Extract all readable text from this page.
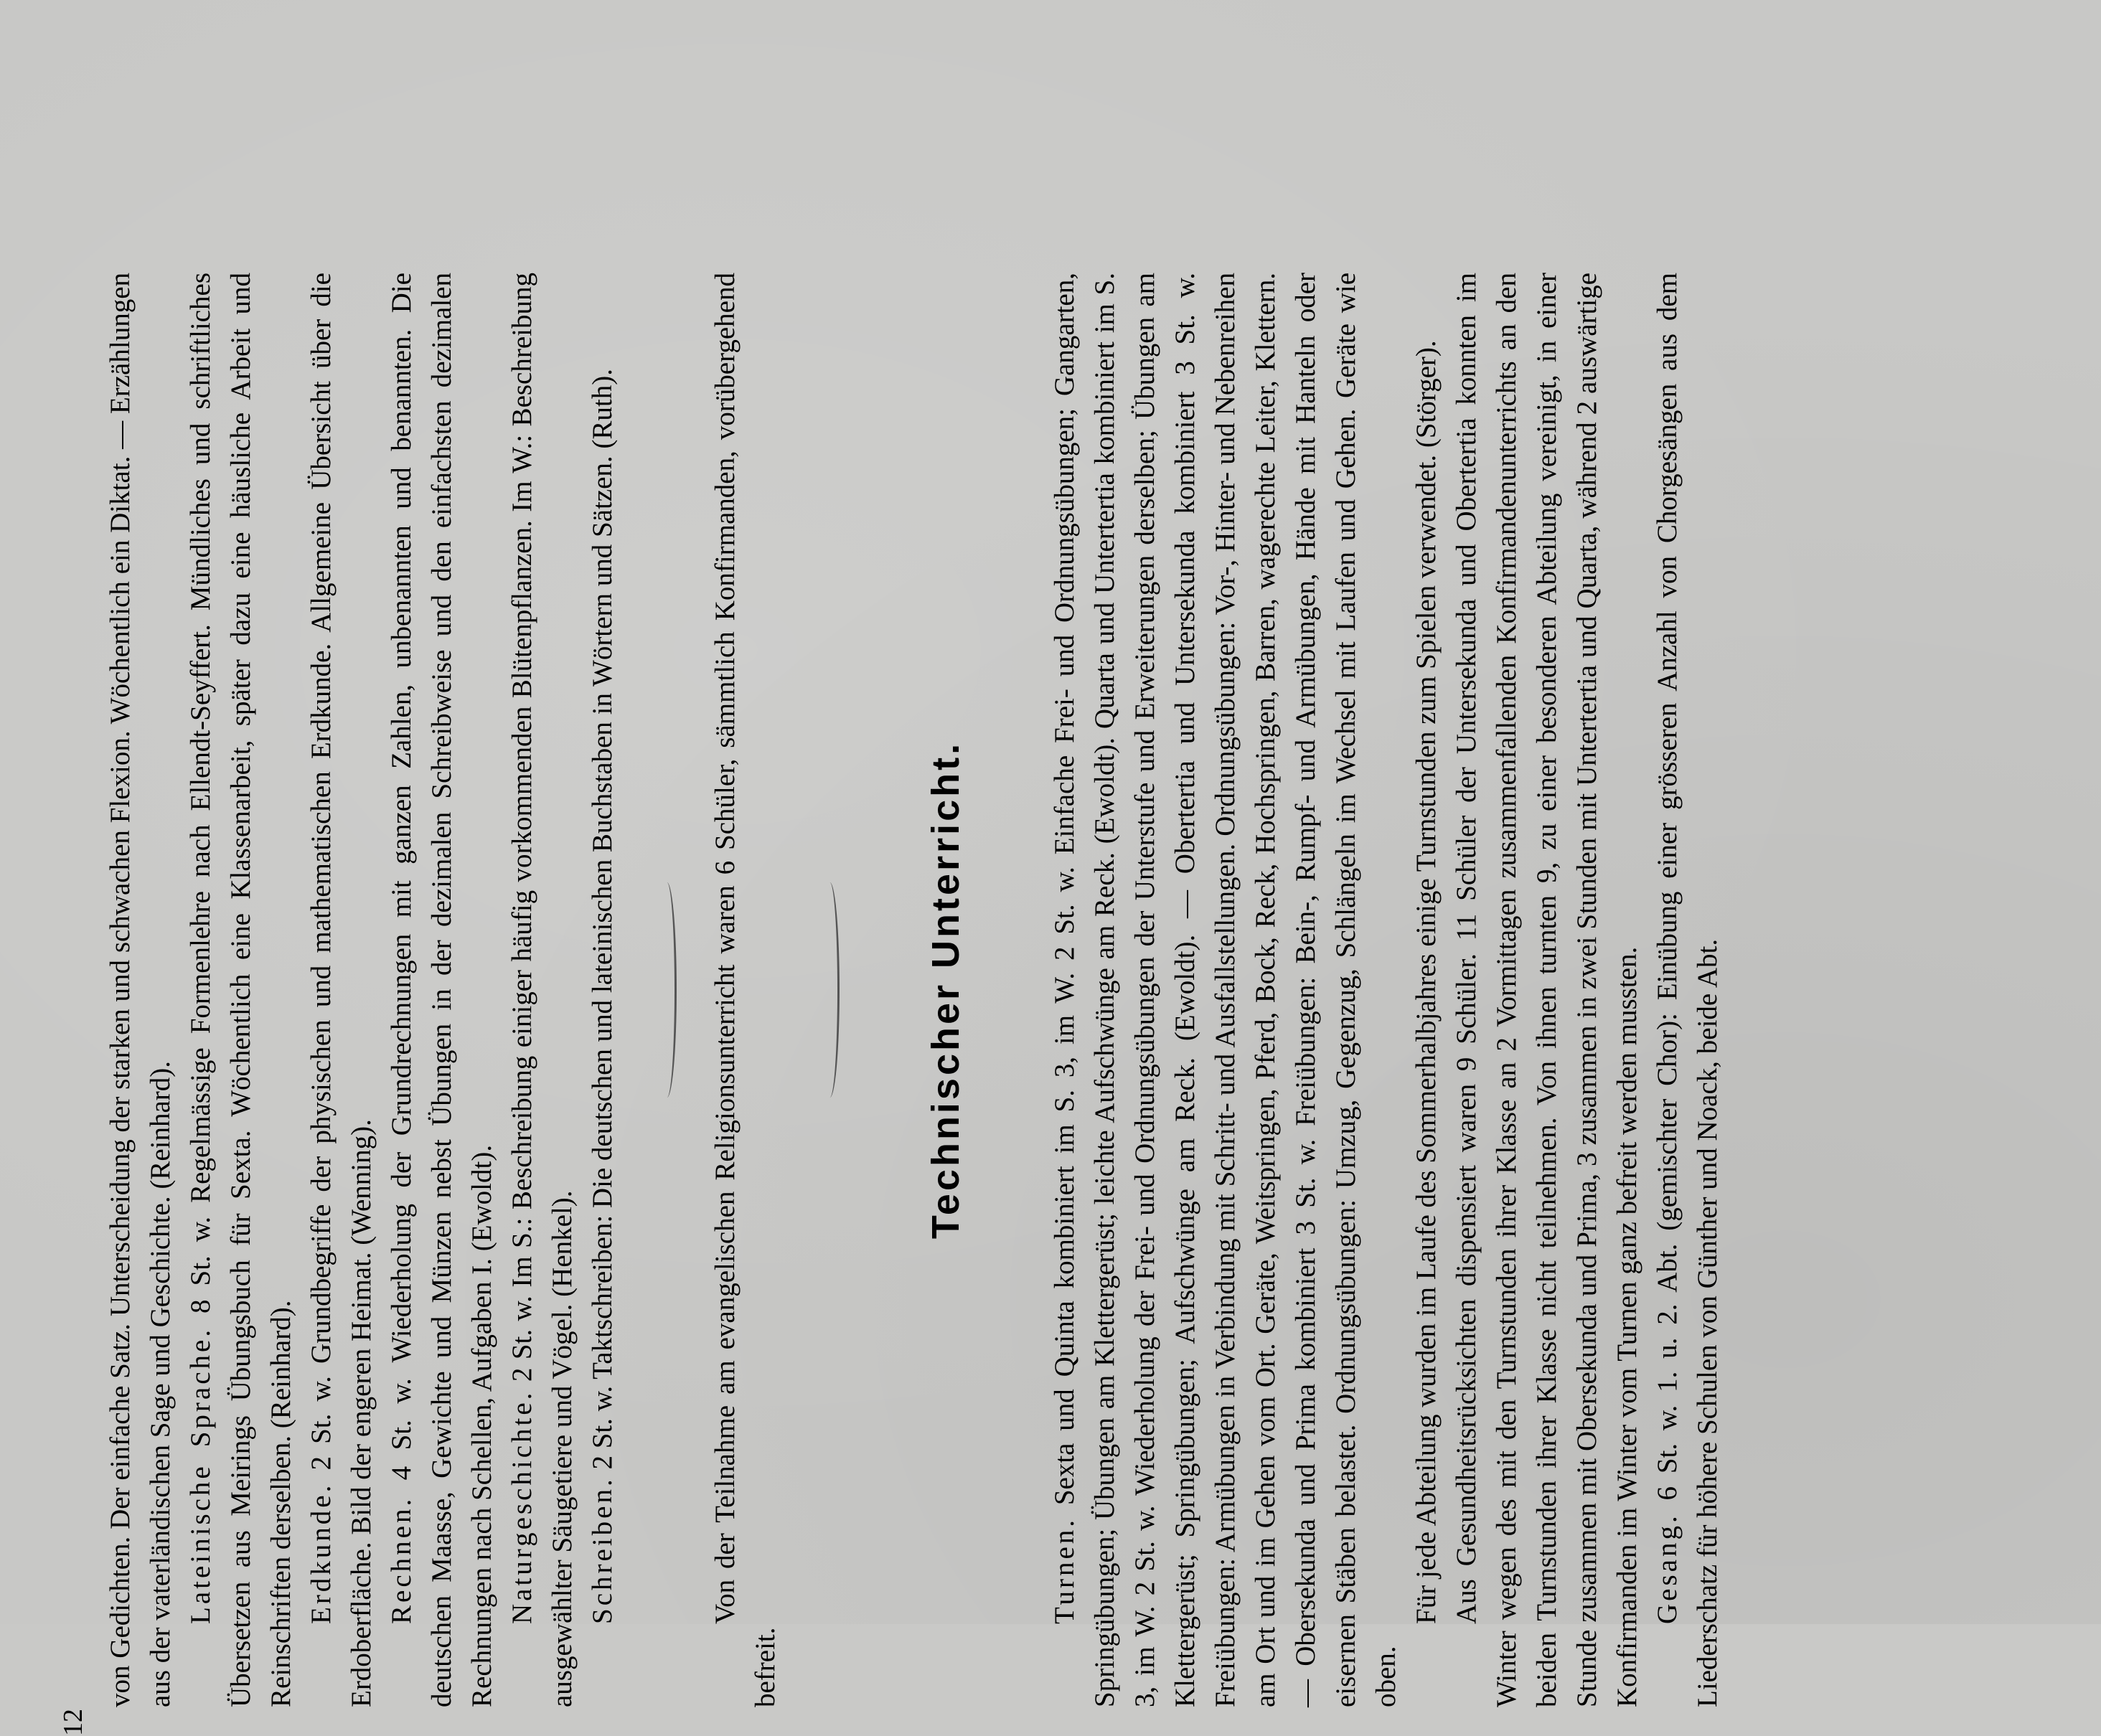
12

von Gedichten. Der einfache Satz. Unterscheidung der starken und schwachen Flexion. Wöchentlich ein Diktat. — Erzählungen aus der vaterländischen Sage und Geschichte. (Reinhard). Lateinische Sprache. 8 St. w. Regelmässige Formenlehre nach Ellendt-Seyffert. Mündliches und schriftliches Übersetzen aus Meirings Übungsbuch für Sexta. Wöchentlich eine Klassenarbeit, später dazu eine häusliche Arbeit und Reinschriften derselben. (Reinhard). Erdkunde. 2 St. w. Grundbegriffe der physischen und mathematischen Erdkunde. Allgemeine Übersicht über die Erdoberfläche. Bild der engeren Heimat. (Wenning). Rechnen. 4 St. w. Wiederholung der Grundrechnungen mit ganzen Zahlen, unbenannten und benannten. Die deutschen Maasse, Gewichte und Münzen nebst Übungen in der dezimalen Schreibweise und den einfachsten dezimalen Rechnungen nach Schellen, Aufgaben I. (Ewoldt). Naturgeschichte. 2 St. w. Im S.: Beschreibung einiger häufig vorkommenden Blütenpflanzen. Im W.: Beschreibung ausgewählter Säugetiere und Vögel. (Henkel). Schreiben. 2 St. w. Taktschreiben: Die deutschen und lateinischen Buchstaben in Wörtern und Sätzen. (Ruth).	Von der Teilnahme am evangelischen Religionsunterricht waren 6 Schüler, sämmtlich Konfirmanden, vorübergehend befreit.

Technischer Unterricht.

Turnen. Sexta und Quinta kombiniert im S. 3, im W. 2 St. w. Einfache Frei- und Ordnungsübungen; Gangarten, Springübungen; Übungen am Klettergerüst; leichte Aufschwünge am Reck. (Ewoldt). Quarta und Untertertia kombiniert im S. 3, im W. 2 St. w. Wiederholung der Frei- und Ordnungsübungen der Unterstufe und Erweiterungen derselben; Übungen am Klettergerüst; Springübungen; Aufschwünge am Reck. (Ewoldt). — Obertertia und Untersekunda kombiniert 3 St. w. Freiübungen: Armübungen in Verbindung mit Schritt- und Ausfallstellungen. Ordnungsübungen: Vor-, Hinter- und Nebenreihen am Ort und im Gehen vom Ort. Geräte, Weitspringen, Pferd, Bock, Reck, Hochspringen, Barren, wagerechte Leiter, Klettern. — Obersekunda und Prima kombiniert 3 St. w. Freiübungen: Bein-, Rumpf- und Armübungen, Hände mit Hanteln oder eisernen Stäben belastet. Ordnungsübungen: Umzug, Gegenzug, Schlängeln im Wechsel mit Laufen und Gehen. Geräte wie oben.

Für jede Abteilung wurden im Laufe des Sommerhalbjahres einige Turnstunden zum Spielen verwendet. (Störger). Aus Gesundheitsrücksichten dispensiert waren 9 Schüler. 11 Schüler der Untersekunda und Obertertia konnten im Winter wegen des mit den Turnstunden ihrer Klasse an 2 Vormittagen zusammenfallenden Konfirmandenunterrichts an den beiden Turnstunden ihrer Klasse nicht teilnehmen. Von ihnen turnten 9, zu einer besonderen Abteilung vereinigt, in einer Stunde zusammen mit Obersekunda und Prima, 3 zusammen in zwei Stunden mit Untertertia und Quarta, während 2 auswärtige Konfirmanden im Winter vom Turnen ganz befreit werden mussten. Gesang. 6 St. w. 1. u. 2. Abt. (gemischter Chor): Einübung einer grösseren Anzahl von Chorgesängen aus dem Liederschatz für höhere Schulen von Günther und Noack, beide Abt.
